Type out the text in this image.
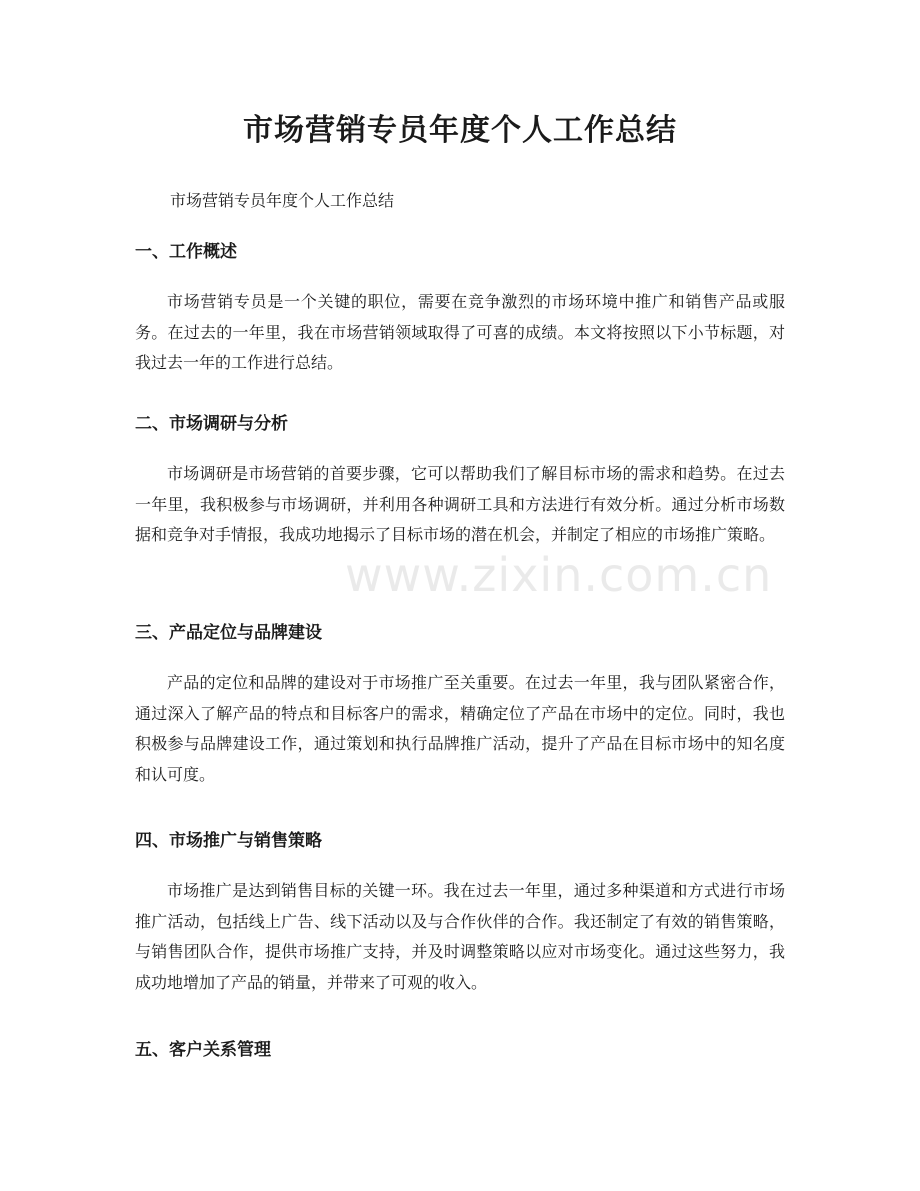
市场营销专员年度个人工作总结
市场营销专员年度个人工作总结
一、工作概述

市场营销专员是一个关键的职位，需要在竞争激烈的市场环境中推广和销售产品或服务。在过去的一年里，我在市场营销领域取得了可喜的成绩。本文将按照以下小节标题，对我过去一年的工作进行总结。

二、市场调研与分析

市场调研是市场营销的首要步骤，它可以帮助我们了解目标市场的需求和趋势。在过去一年里，我积极参与市场调研，并利用各种调研工具和方法进行有效分析。通过分析市场数据和竞争对手情报，我成功地揭示了目标市场的潜在机会，并制定了相应的市场推广策略。

三、产品定位与品牌建设

产品的定位和品牌的建设对于市场推广至关重要。在过去一年里，我与团队紧密合作，通过深入了解产品的特点和目标客户的需求，精确定位了产品在市场中的定位。同时，我也积极参与品牌建设工作，通过策划和执行品牌推广活动，提升了产品在目标市场中的知名度和认可度。

四、市场推广与销售策略

市场推广是达到销售目标的关键一环。我在过去一年里，通过多种渠道和方式进行市场推广活动，包括线上广告、线下活动以及与合作伙伴的合作。我还制定了有效的销售策略，与销售团队合作，提供市场推广支持，并及时调整策略以应对市场变化。通过这些努力，我成功地增加了产品的销量，并带来了可观的收入。

五、客户关系管理
www.zixin.com.cn
